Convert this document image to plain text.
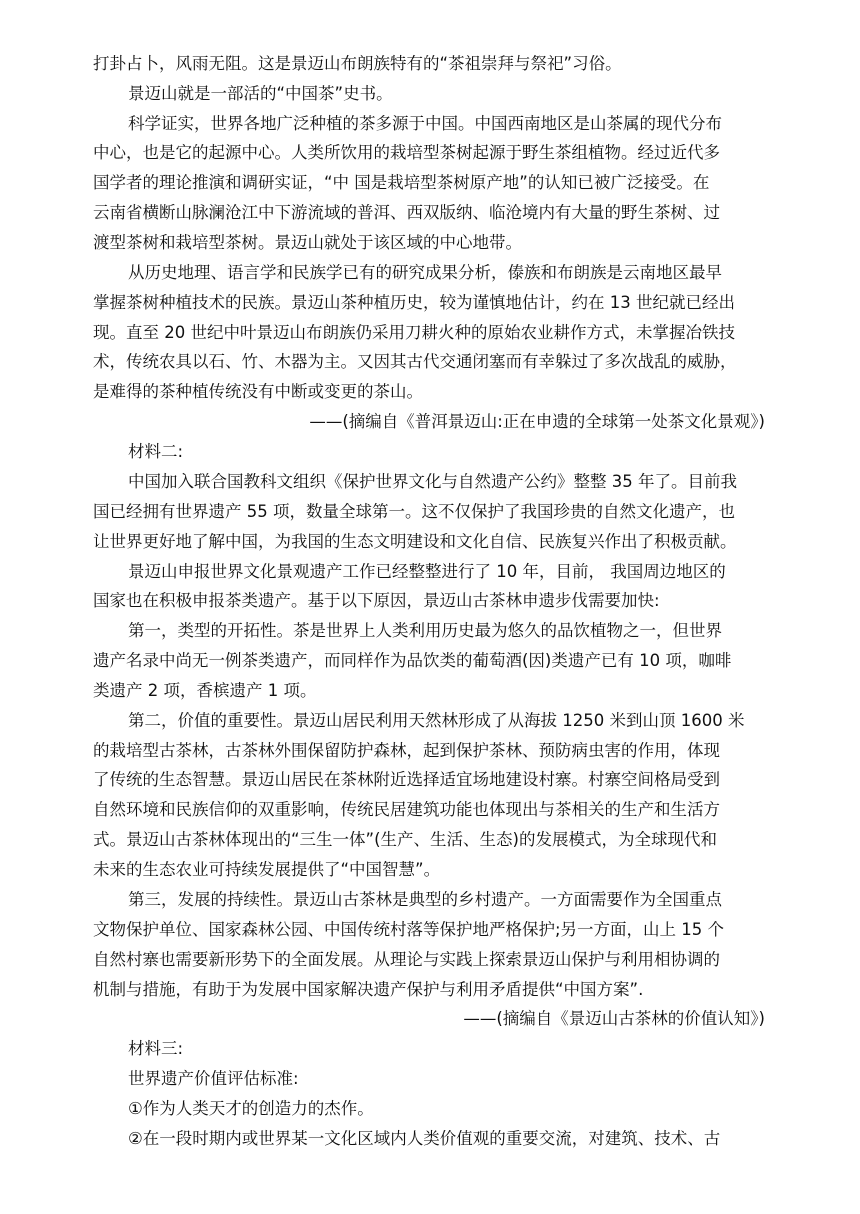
打卦占卜，风雨无阻。这是景迈山布朗族特有的“茶祖崇拜与祭祀”习俗。
景迈山就是一部活的“中国茶”史书。
科学证实，世界各地广泛种植的茶多源于中国。中国西南地区是山茶属的现代分布
中心，也是它的起源中心。人类所饮用的栽培型茶树起源于野生茶组植物。经过近代多
国学者的理论推演和调研实证，“中 国是栽培型茶树原产地”的认知已被广泛接受。在
云南省横断山脉澜沧江中下游流域的普洱、西双版纳、临沧境内有大量的野生茶树、过
渡型茶树和栽培型茶树。景迈山就处于该区域的中心地带。
从历史地理、语言学和民族学已有的研究成果分析，傣族和布朗族是云南地区最早
掌握茶树种植技术的民族。景迈山茶种植历史，较为谨慎地估计，约在 13 世纪就已经出
现。直至 20 世纪中叶景迈山布朗族仍采用刀耕火种的原始农业耕作方式，未掌握冶铁技
术，传统农具以石、竹、木器为主。又因其古代交通闭塞而有幸躲过了多次战乱的威胁，
是难得的茶种植传统没有中断或变更的茶山。
——(摘编自《普洱景迈山:正在申遗的全球第一处茶文化景观》)
材料二:
中国加入联合国教科文组织《保护世界文化与自然遗产公约》整整 35 年了。目前我
国已经拥有世界遗产 55 项，数量全球第一。这不仅保护了我国珍贵的自然文化遗产，也
让世界更好地了解中国，为我国的生态文明建设和文化自信、民族复兴作出了积极贡献。
景迈山申报世界文化景观遗产工作已经整整进行了 10 年，目前， 我国周边地区的
国家也在积极申报茶类遗产。基于以下原因，景迈山古茶林申遗步伐需要加快:
第一，类型的开拓性。茶是世界上人类利用历史最为悠久的品饮植物之一，但世界
遗产名录中尚无一例茶类遗产，而同样作为品饮类的葡萄酒(因)类遗产已有 10 项，咖啡
类遗产 2 项，香槟遗产 1 项。
第二，价值的重要性。景迈山居民利用天然林形成了从海拔 1250 米到山顶 1600 米
的栽培型古茶林，古茶林外围保留防护森林，起到保护茶林、预防病虫害的作用，体现
了传统的生态智慧。景迈山居民在茶林附近选择适宜场地建设村寨。村寨空间格局受到
自然环境和民族信仰的双重影响，传统民居建筑功能也体现出与茶相关的生产和生活方
式。景迈山古茶林体现出的“三生一体”(生产、生活、生态)的发展模式，为全球现代和
未来的生态农业可持续发展提供了“中国智慧”。
第三，发展的持续性。景迈山古茶林是典型的乡村遗产。一方面需要作为全国重点
文物保护单位、国家森林公园、中国传统村落等保护地严格保护;另一方面，山上 15 个
自然村寨也需要新形势下的全面发展。从理论与实践上探索景迈山保护与利用相协调的
机制与措施，有助于为发展中国家解决遗产保护与利用矛盾提供“中国方案”.
——(摘编自《景迈山古茶林的价值认知》)
材料三:
世界遗产价值评估标准:
①作为人类天才的创造力的杰作。
②在一段时期内或世界某一文化区域内人类价值观的重要交流，对建筑、技术、古
